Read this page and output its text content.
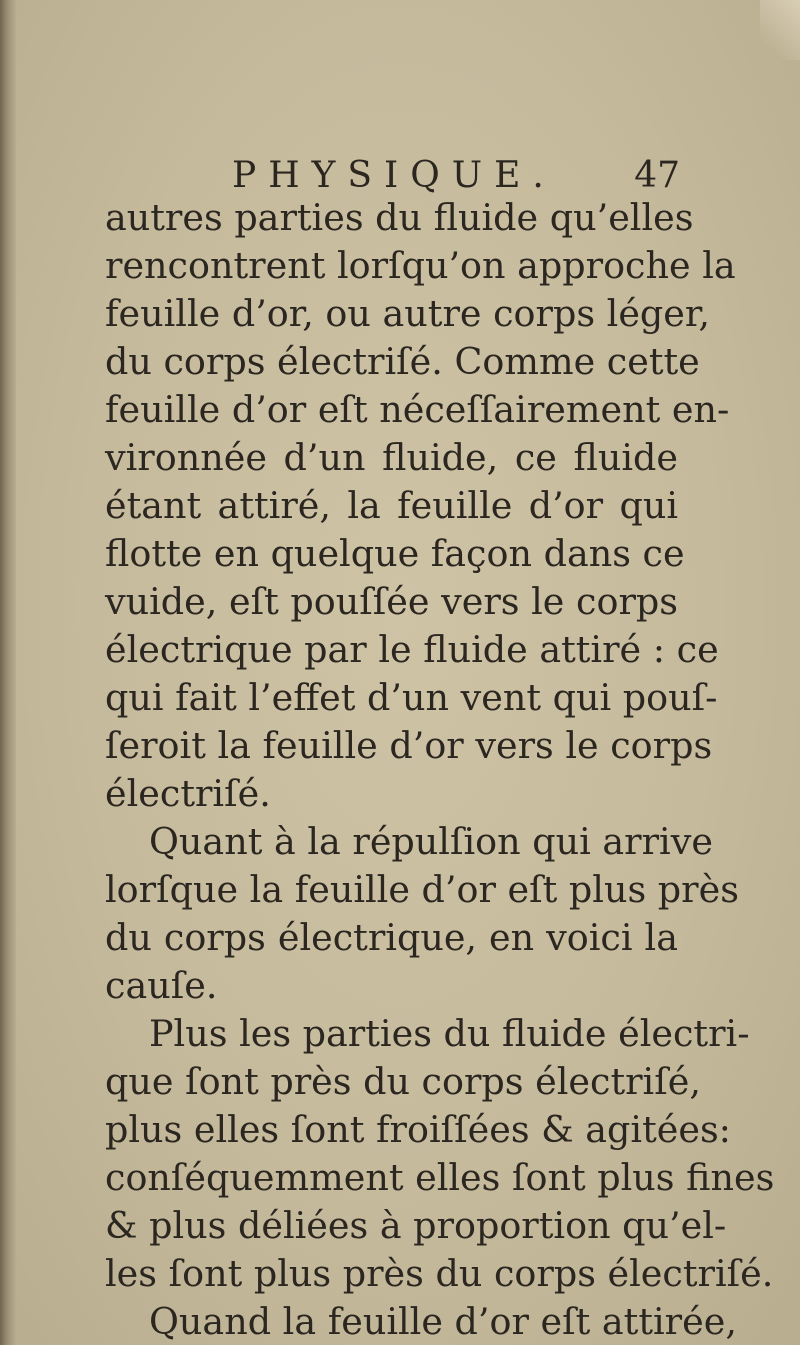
PHYSIQUE. 47
autres parties du fluide qu’elles
rencontrent lorſqu’on approche la
feuille d’or, ou autre corps léger,
du corps électriſé. Comme cette
feuille d’or eſt néceſſairement en-
vironnée d’un fluide, ce fluide
étant attiré, la feuille d’or qui
flotte en quelque façon dans ce
vuide, eſt pouſſée vers le corps
électrique par le fluide attiré : ce
qui fait l’effet d’un vent qui pouſ-
ſeroit la feuille d’or vers le corps
électriſé.
Quant à la répulſion qui arrive
lorſque la feuille d’or eſt plus près
du corps électrique, en voici la
cauſe.
Plus les parties du fluide électri-
que ſont près du corps électriſé,
plus elles ſont froiſſées & agitées:
conſéquemment elles ſont plus fines
& plus déliées à proportion qu’el-
les ſont plus près du corps électriſé.
Quand la feuille d’or eſt attirée,
